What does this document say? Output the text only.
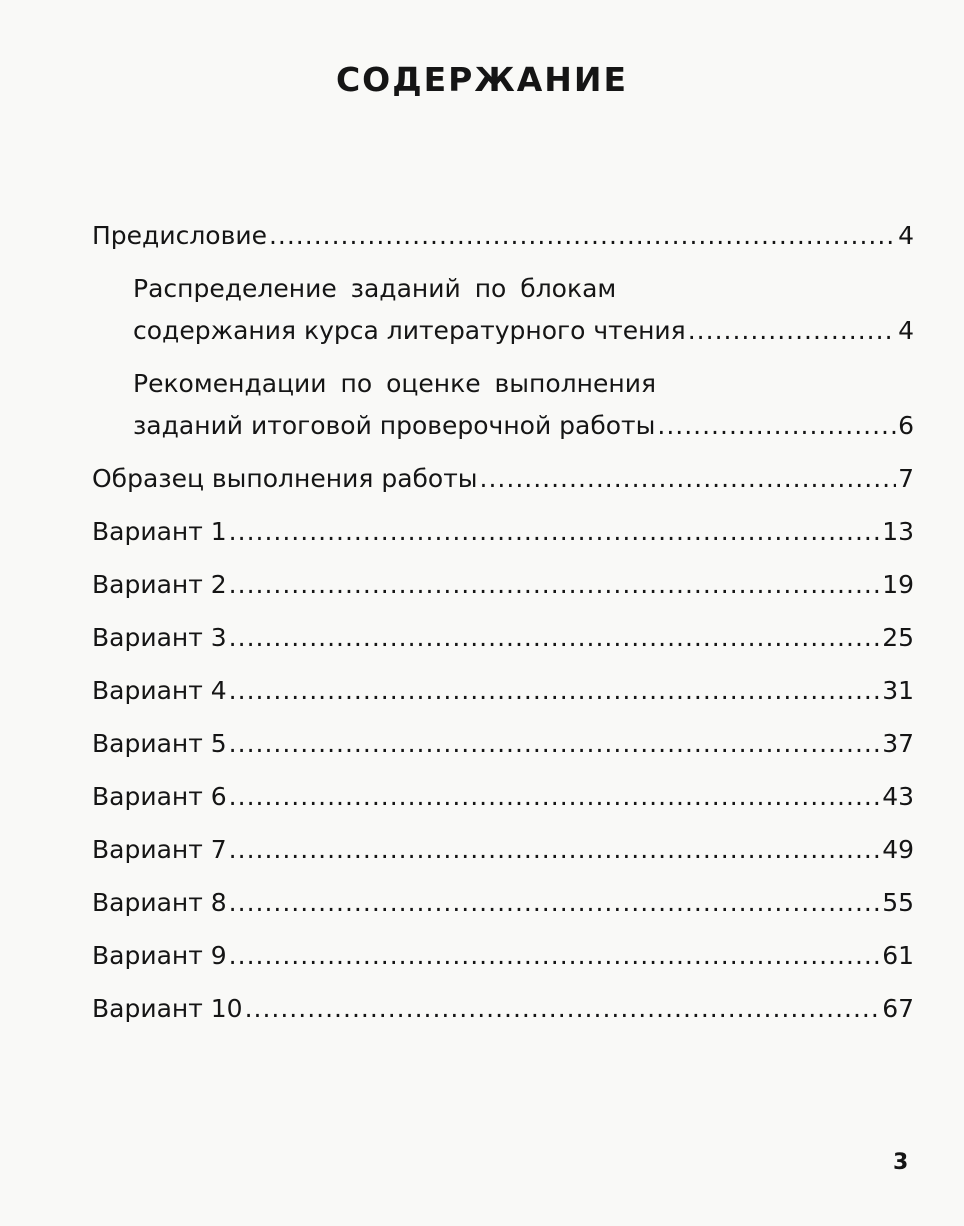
СОДЕРЖАНИЕ
Предисловие .....	4
Распределение заданий по блокам
содержания курса литературного чтения .....	4
Рекомендации по оценке выполнения
заданий итоговой проверочной работы .....	6
Образец выполнения работы .....	7
Вариант 1 .....	13
Вариант 2 .....	19
Вариант 3 .....	25
Вариант 4 .....	31
Вариант 5 .....	37
Вариант 6 .....	43
Вариант 7 .....	49
Вариант 8 .....	55
Вариант 9 .....	61
Вариант 10 .....	67
3
